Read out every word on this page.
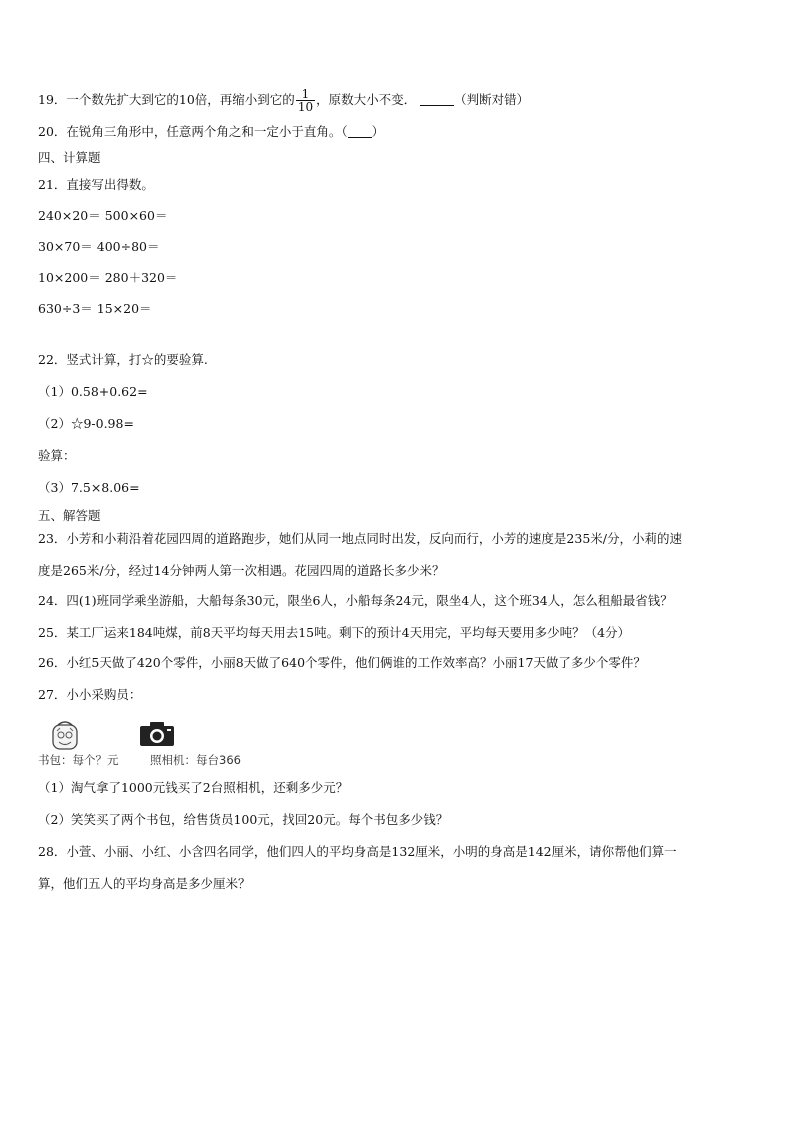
19．一个数先扩大到它的10倍，再缩小到它的 $\frac{1}{10}$ ，原数大小不变．	（判断对错）
20．在锐角三角形中，任意两个角之和一定小于直角。（ ）
四、计算题
21．直接写出得数。
240×20＝ 500×60＝
30×70＝ 400÷80＝
10×200＝ 280＋320＝
630÷3＝ 15×20＝
22．竖式计算，打☆的要验算.
（1）0.58+0.62=
（2）☆9-0.98=
验算：
（3）7.5×8.06=
五、解答题
23．小芳和小莉沿着花园四周的道路跑步，她们从同一地点同时出发，反向而行，小芳的速度是235米/分，小莉的速
度是265米/分，经过14分钟两人第一次相遇。花园四周的道路长多少米？
24．四(1)班同学乘坐游船，大船每条30元，限坐6人，小船每条24元，限坐4人，这个班34人，怎么租船最省钱？
25．某工厂运来184吨煤，前8天平均每天用去15吨。剩下的预计4天用完，平均每天要用多少吨？（4分）
26．小红5天做了420个零件，小丽8天做了640个零件，他们俩谁的工作效率高？小丽17天做了多少个零件？
27．小小采购员：
书包：每个？元	照相机：每台366
（1）淘气拿了1000元钱买了2台照相机，还剩多少元？
（2）笑笑买了两个书包，给售货员100元，找回20元。每个书包多少钱？
28．小萱、小丽、小红、小含四名同学，他们四人的平均身高是132厘米，小明的身高是142厘米，请你帮他们算一
算，他们五人的平均身高是多少厘米？
